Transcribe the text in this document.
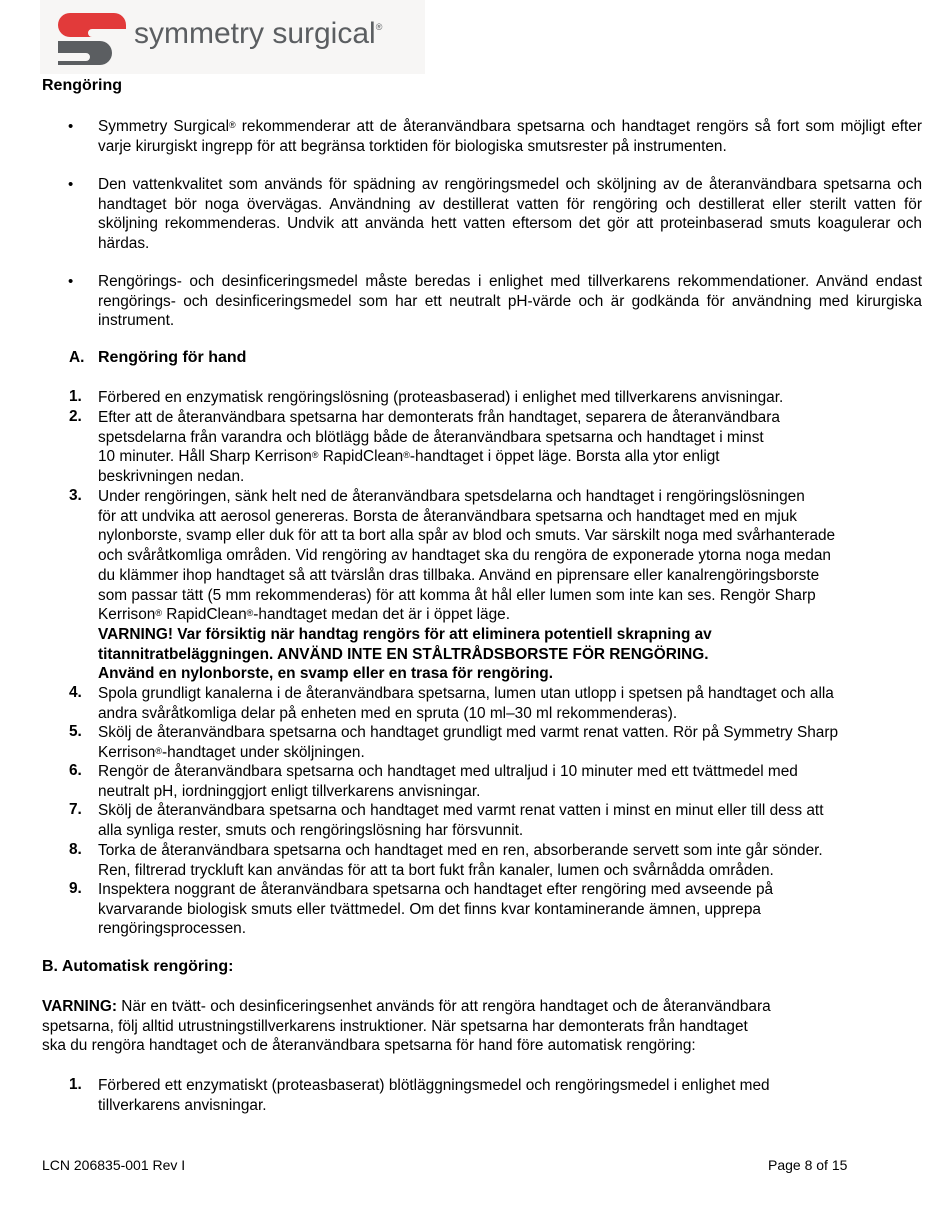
symmetry surgical®
Rengöring
• Symmetry Surgical® rekommenderar att de återanvändbara spetsarna och handtaget rengörs så fort som möjligt efter varje kirurgiskt ingrepp för att begränsa torktiden för biologiska smutsrester på instrumenten.
• Den vattenkvalitet som används för spädning av rengöringsmedel och sköljning av de återanvändbara spetsarna och handtaget bör noga övervägas. Användning av destillerat vatten för rengöring och destillerat eller sterilt vatten för sköljning rekommenderas. Undvik att använda hett vatten eftersom det gör att proteinbaserad smuts koagulerar och härdas.
• Rengörings- och desinficeringsmedel måste beredas i enlighet med tillverkarens rekommendationer. Använd endast rengörings- och desinficeringsmedel som har ett neutralt pH-värde och är godkända för användning med kirurgiska instrument.
A. Rengöring för hand
1. Förbered en enzymatisk rengöringslösning (proteasbaserad) i enlighet med tillverkarens anvisningar.
2. Efter att de återanvändbara spetsarna har demonterats från handtaget, separera de återanvändbara
spetsdelarna från varandra och blötlägg både de återanvändbara spetsarna och handtaget i minst
10 minuter. Håll Sharp Kerrison® RapidClean®-handtaget i öppet läge. Borsta alla ytor enligt
beskrivningen nedan.
3. Under rengöringen, sänk helt ned de återanvändbara spetsdelarna och handtaget i rengöringslösningen
för att undvika att aerosol genereras. Borsta de återanvändbara spetsarna och handtaget med en mjuk
nylonborste, svamp eller duk för att ta bort alla spår av blod och smuts. Var särskilt noga med svårhanterade
och svåråtkomliga områden. Vid rengöring av handtaget ska du rengöra de exponerade ytorna noga medan
du klämmer ihop handtaget så att tvärslån dras tillbaka. Använd en piprensare eller kanalrengöringsborste
som passar tätt (5 mm rekommenderas) för att komma åt hål eller lumen som inte kan ses. Rengör Sharp
Kerrison® RapidClean®-handtaget medan det är i öppet läge.
VARNING! Var försiktig när handtag rengörs för att eliminera potentiell skrapning av
titannitratbeläggningen. ANVÄND INTE EN STÅLTRÅDSBORSTE FÖR RENGÖRING.
Använd en nylonborste, en svamp eller en trasa för rengöring.
4. Spola grundligt kanalerna i de återanvändbara spetsarna, lumen utan utlopp i spetsen på handtaget och alla
andra svåråtkomliga delar på enheten med en spruta (10 ml–30 ml rekommenderas).
5. Skölj de återanvändbara spetsarna och handtaget grundligt med varmt renat vatten. Rör på Symmetry Sharp
Kerrison®-handtaget under sköljningen.
6. Rengör de återanvändbara spetsarna och handtaget med ultraljud i 10 minuter med ett tvättmedel med
neutralt pH, iordninggjort enligt tillverkarens anvisningar.
7. Skölj de återanvändbara spetsarna och handtaget med varmt renat vatten i minst en minut eller till dess att
alla synliga rester, smuts och rengöringslösning har försvunnit.
8. Torka de återanvändbara spetsarna och handtaget med en ren, absorberande servett som inte går sönder.
Ren, filtrerad tryckluft kan användas för att ta bort fukt från kanaler, lumen och svårnådda områden.
9. Inspektera noggrant de återanvändbara spetsarna och handtaget efter rengöring med avseende på
kvarvarande biologisk smuts eller tvättmedel. Om det finns kvar kontaminerande ämnen, upprepa
rengöringsprocessen.
B. Automatisk rengöring:
VARNING: När en tvätt- och desinficeringsenhet används för att rengöra handtaget och de återanvändbara
spetsarna, följ alltid utrustningstillverkarens instruktioner. När spetsarna har demonterats från handtaget
ska du rengöra handtaget och de återanvändbara spetsarna för hand före automatisk rengöring:
1. Förbered ett enzymatiskt (proteasbaserat) blötläggningsmedel och rengöringsmedel i enlighet med
tillverkarens anvisningar.
LCN 206835-001 Rev I	Page 8 of 15
